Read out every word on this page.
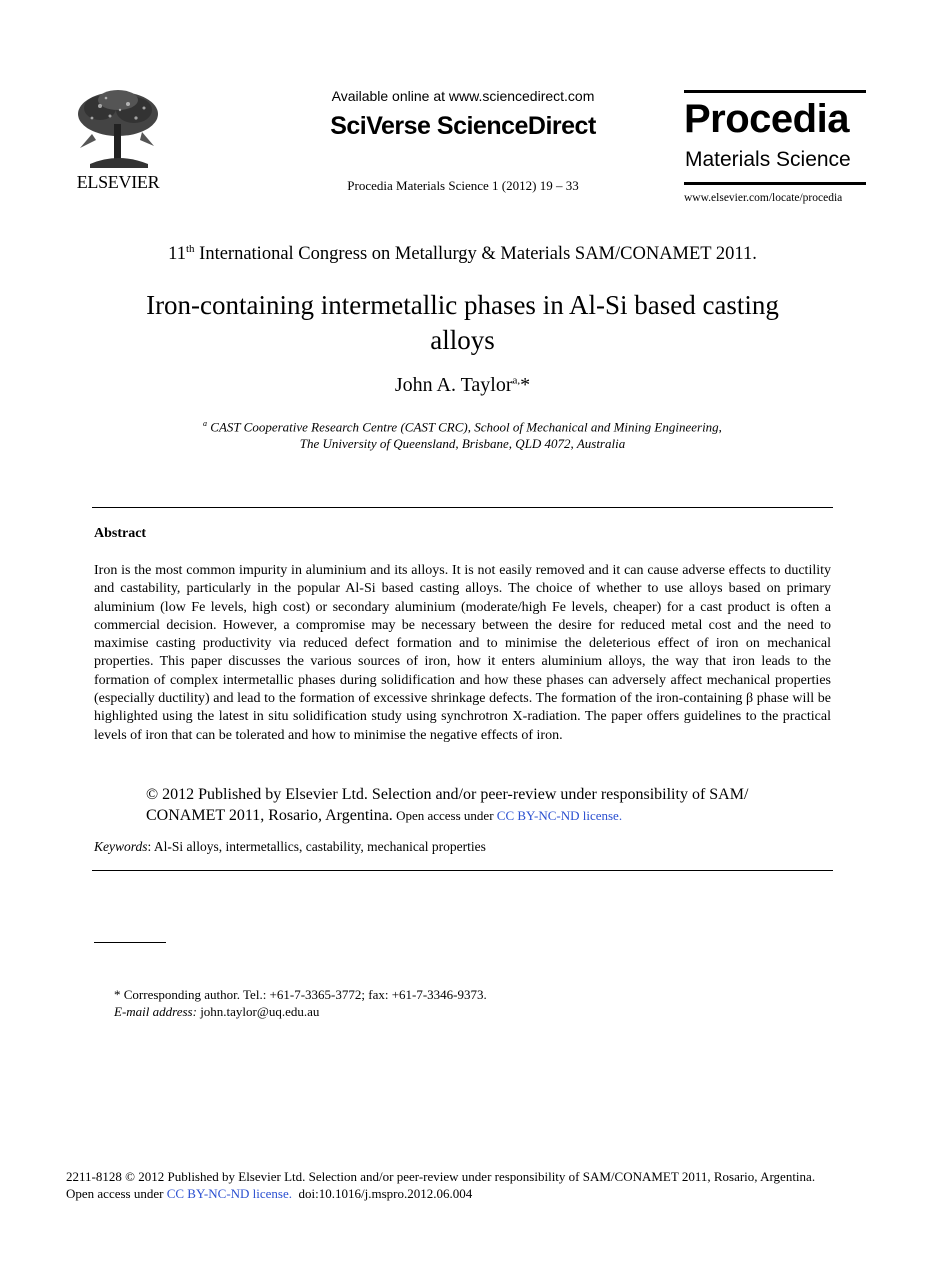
ELSEVIER
Available online at www.sciencedirect.com
SciVerse ScienceDirect
Procedia Materials Science 1 (2012) 19 – 33
Procedia
Materials Science
www.elsevier.com/locate/procedia
11th International Congress on Metallurgy & Materials SAM/CONAMET 2011.
Iron-containing intermetallic phases in Al-Si based casting
alloys
John A. Taylor$^{a,}$*
$^a$ CAST Cooperative Research Centre (CAST CRC), School of Mechanical and Mining Engineering,
The University of Queensland, Brisbane, QLD 4072, Australia
Abstract
Iron is the most common impurity in aluminium and its alloys. It is not easily removed and it can cause adverse effects to ductility and castability, particularly in the popular Al-Si based casting alloys. The choice of whether to use alloys based on primary aluminium (low Fe levels, high cost) or secondary aluminium (moderate/high Fe levels, cheaper) for a cast product is often a commercial decision. However, a compromise may be necessary between the desire for reduced metal cost and the need to maximise casting productivity via reduced defect formation and to minimise the deleterious effect of iron on mechanical properties. This paper discusses the various sources of iron, how it enters aluminium alloys, the way that iron leads to the formation of complex intermetallic phases during solidification and how these phases can adversely affect mechanical properties (especially ductility) and lead to the formation of excessive shrinkage defects. The formation of the iron-containing β phase will be highlighted using the latest in situ solidification study using synchrotron X-radiation. The paper offers guidelines to the practical levels of iron that can be tolerated and how to minimise the negative effects of iron.
© 2012 Published by Elsevier Ltd. Selection and/or peer-review under responsibility of SAM/
CONAMET 2011, Rosario, Argentina. Open access under CC BY-NC-ND license.
Keywords: Al-Si alloys, intermetallics, castability, mechanical properties
* Corresponding author. Tel.: +61-7-3365-3772; fax: +61-7-3346-9373.
E-mail address: john.taylor@uq.edu.au
2211-8128 © 2012 Published by Elsevier Ltd. Selection and/or peer-review under responsibility of SAM/CONAMET 2011, Rosario, Argentina.
Open access under CC BY-NC-ND license.  doi:10.1016/j.mspro.2012.06.004
